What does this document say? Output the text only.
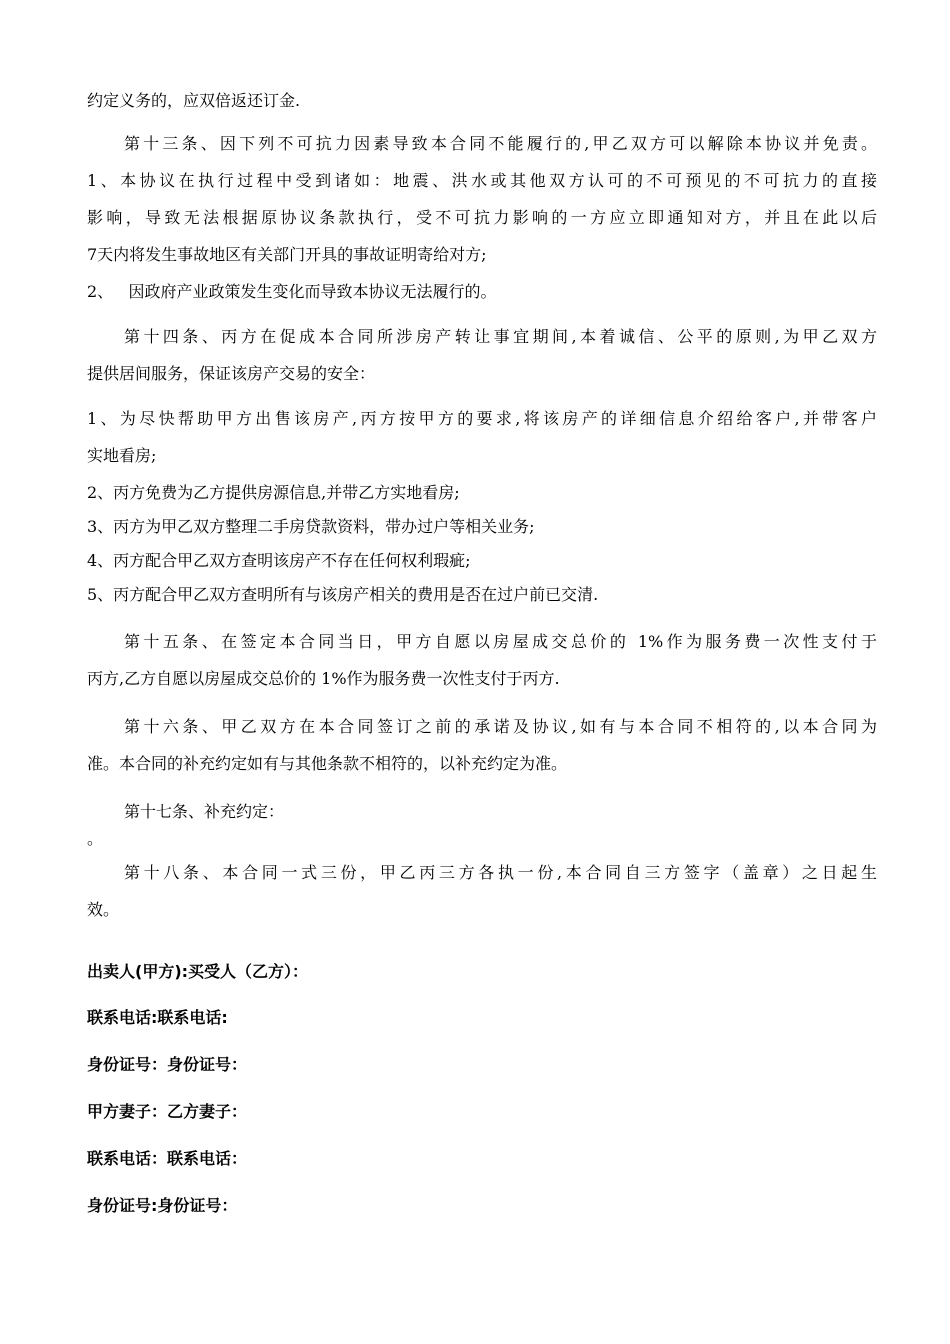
约定义务的，应双倍返还订金.
第十三条、因下列不可抗力因素导致本合同不能履行的,甲乙双方可以解除本协议并免责。
1、本协议在执行过程中受到诸如：地震、洪水或其他双方认可的不可预见的不可抗力的直接
影响，导致无法根据原协议条款执行，受不可抗力影响的一方应立即通知对方，并且在此以后
7天内将发生事故地区有关部门开具的事故证明寄给对方;
2、   因政府产业政策发生变化而导致本协议无法履行的。
第十四条、丙方在促成本合同所涉房产转让事宜期间,本着诚信、公平的原则,为甲乙双方
提供居间服务，保证该房产交易的安全：
1、为尽快帮助甲方出售该房产,丙方按甲方的要求,将该房产的详细信息介绍给客户,并带客户
实地看房;
2、丙方免费为乙方提供房源信息,并带乙方实地看房;
3、丙方为甲乙双方整理二手房贷款资料，带办过户等相关业务;
4、丙方配合甲乙双方查明该房产不存在任何权利瑕疵;
5、丙方配合甲乙双方查明所有与该房产相关的费用是否在过户前已交清.
第十五条、在签定本合同当日，甲方自愿以房屋成交总价的 1%作为服务费一次性支付于
丙方,乙方自愿以房屋成交总价的 1%作为服务费一次性支付于丙方.
第十六条、甲乙双方在本合同签订之前的承诺及协议,如有与本合同不相符的,以本合同为
准。本合同的补充约定如有与其他条款不相符的，以补充约定为准。
第十七条、补充约定：
。
第十八条、本合同一式三份，甲乙丙三方各执一份,本合同自三方签字（盖章）之日起生
效。
出卖人(甲方):买受人（乙方）：
联系电话:联系电话:
身份证号：身份证号：
甲方妻子：乙方妻子：
联系电话：联系电话：
身份证号:身份证号：
